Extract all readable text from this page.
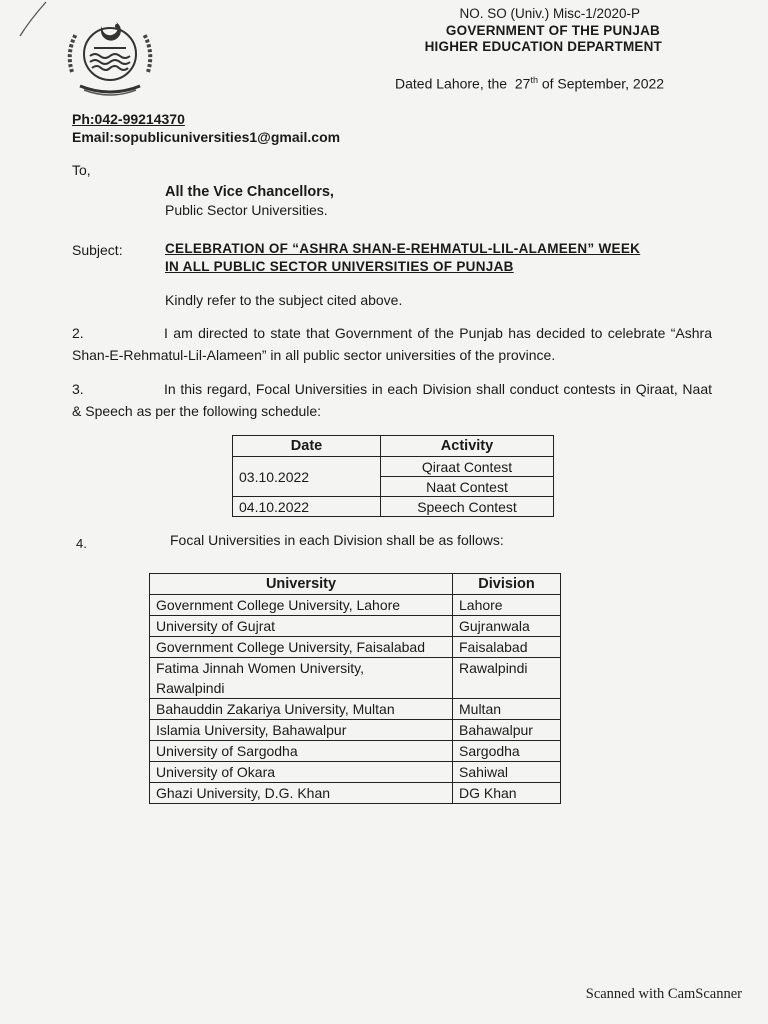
NO. SO (Univ.) Misc-1/2020-P
GOVERNMENT OF THE PUNJAB
HIGHER EDUCATION DEPARTMENT
Dated Lahore, the 27th of September, 2022
Ph:042-99214370
Email:sopublicuniversities1@gmail.com
To,
All the Vice Chancellors,
Public Sector Universities.
Subject:	CELEBRATION OF “ASHRA SHAN-E-REHMATUL-LIL-ALAMEEN” WEEK
IN ALL PUBLIC SECTOR UNIVERSITIES OF PUNJAB
Kindly refer to the subject cited above.
2.	I am directed to state that Government of the Punjab has decided to celebrate “Ashra Shan-E-Rehmatul-Lil-Alameen” in all public sector universities of the province.
3.	In this regard, Focal Universities in each Division shall conduct contests in Qiraat, Naat & Speech as per the following schedule:
Date	Activity
03.10.2022	Qiraat Contest
	Naat Contest
04.10.2022	Speech Contest
4.	Focal Universities in each Division shall be as follows:
University	Division
Government College University, Lahore	Lahore
University of Gujrat	Gujranwala
Government College University, Faisalabad	Faisalabad

Fatima Jinnah Women University,
Rawalpindi	Rawalpindi
Bahauddin Zakariya University, Multan	Multan
Islamia University, Bahawalpur	Bahawalpur
University of Sargodha	Sargodha
University of Okara	Sahiwal
Ghazi University, D.G. Khan	DG Khan
Scanned with CamScanner
